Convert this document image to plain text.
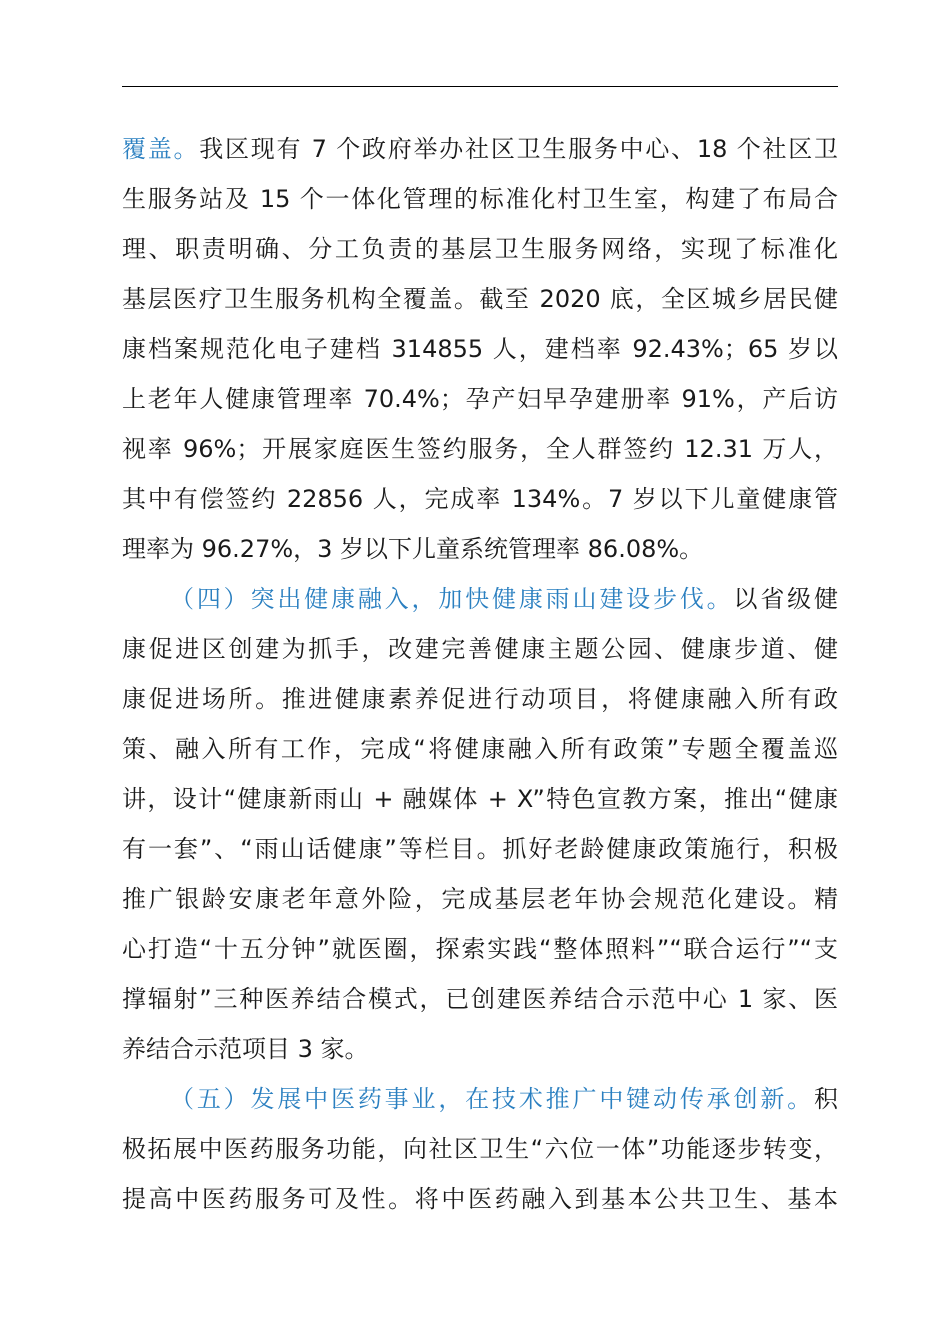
覆盖。我区现有 7 个政府举办社区卫生服务中心、18 个社区卫
生服务站及 15 个一体化管理的标准化村卫生室，构建了布局合
理、职责明确、分工负责的基层卫生服务网络，实现了标准化
基层医疗卫生服务机构全覆盖。截至 2020 底，全区城乡居民健
康档案规范化电子建档 314855 人，建档率 92.43%；65 岁以
上老年人健康管理率 70.4%；孕产妇早孕建册率 91%，产后访
视率 96%；开展家庭医生签约服务，全人群签约 12.31 万人，
其中有偿签约 22856 人，完成率 134%。7 岁以下儿童健康管
理率为 96.27%，3 岁以下儿童系统管理率 86.08%。
（四）突出健康融入，加快健康雨山建设步伐。以省级健
康促进区创建为抓手，改建完善健康主题公园、健康步道、健
康促进场所。推进健康素养促进行动项目，将健康融入所有政
策、融入所有工作，完成“将健康融入所有政策”专题全覆盖巡
讲，设计“健康新雨山 + 融媒体 + X”特色宣教方案，推出“健康
有一套”、“雨山话健康”等栏目。抓好老龄健康政策施行，积极
推广银龄安康老年意外险，完成基层老年协会规范化建设。精
心打造“十五分钟”就医圈，探索实践“整体照料”“联合运行”“支
撑辐射”三种医养结合模式，已创建医养结合示范中心 1 家、医
养结合示范项目 3 家。
（五）发展中医药事业，在技术推广中键动传承创新。积
极拓展中医药服务功能，向社区卫生“六位一体”功能逐步转变，
提高中医药服务可及性。将中医药融入到基本公共卫生、基本
